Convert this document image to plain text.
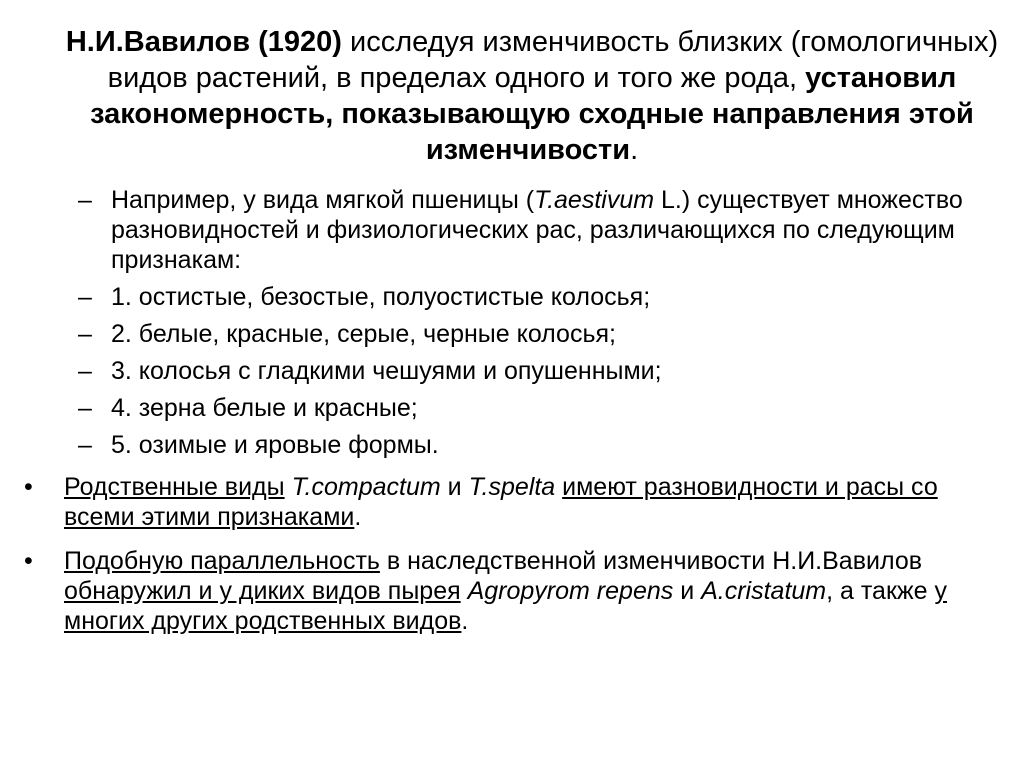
Н.И.Вавилов (1920) исследуя изменчивость близких (гомологичных) видов растений, в пределах одного и того же рода, установил закономерность, показывающую сходные направления этой изменчивости.

– Например, у вида мягкой пшеницы (T.aestivum L.) существует множество разновидностей и физиологических рас, различающихся по следующим признакам:
– 1. остистые, безостые, полуостистые колосья;
– 2. белые, красные, серые, черные колосья;
– 3. колосья с гладкими чешуями и опушенными;
– 4. зерна белые и красные;
– 5. озимые и яровые формы.
• Родственные виды T.compactum и T.spelta имеют разновидности и расы со всеми этими признаками.
• Подобную параллельность в наследственной изменчивости Н.И.Вавилов обнаружил и у диких видов пырея Agropyrom repens и A.cristatum, а также у многих других родственных видов.
